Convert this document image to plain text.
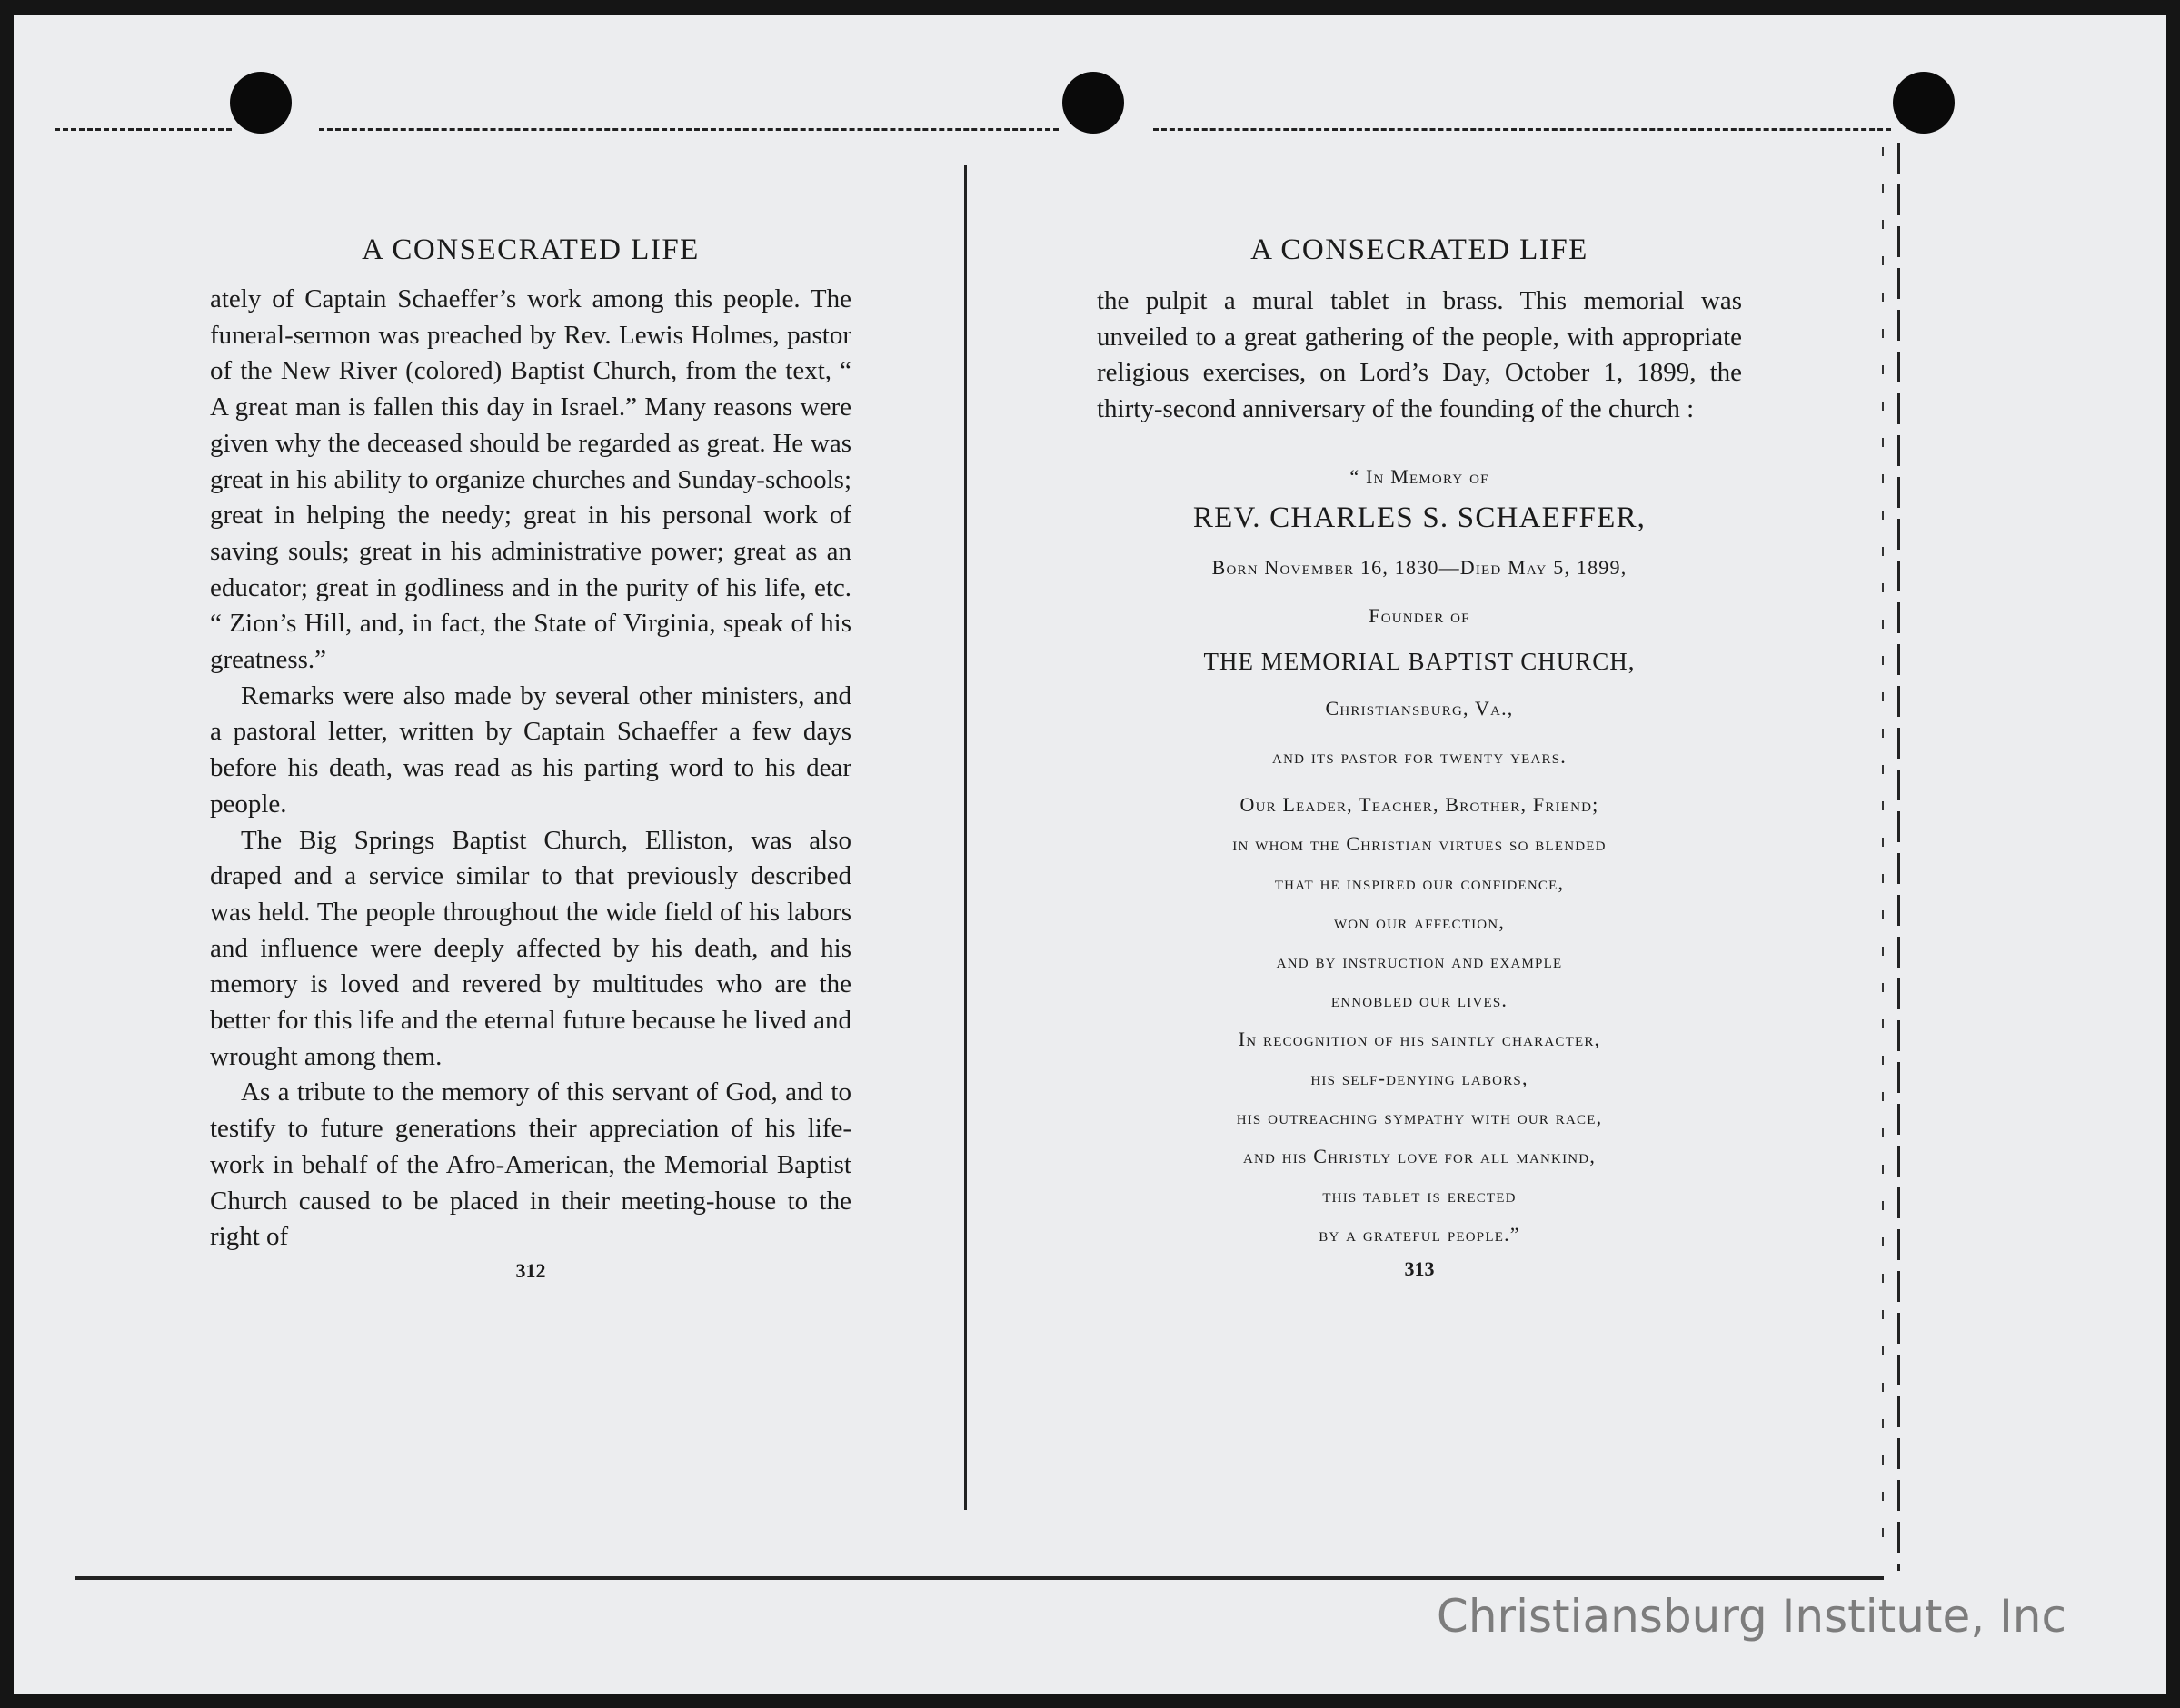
A CONSECRATED LIFE

ately of Captain Schaeffer’s work among this people. The funeral-sermon was preached by Rev. Lewis Holmes, pastor of the New River (colored) Baptist Church, from the text, “ A great man is fallen this day in Israel.” Many reasons were given why the deceased should be regarded as great. He was great in his ability to organize churches and Sunday-schools; great in helping the needy; great in his personal work of saving souls; great in his administrative power; great as an educator; great in godliness and in the purity of his life, etc. “ Zion’s Hill, and, in fact, the State of Virginia, speak of his greatness.”

Remarks were also made by several other ministers, and a pastoral letter, written by Captain Schaeffer a few days before his death, was read as his parting word to his dear people.

The Big Springs Baptist Church, Elliston, was also draped and a service similar to that previously described was held. The people throughout the wide field of his labors and influence were deeply affected by his death, and his memory is loved and revered by multitudes who are the better for this life and the eternal future because he lived and wrought among them.

As a tribute to the memory of this servant of God, and to testify to future generations their appreciation of his life-work in behalf of the Afro-American, the Memorial Baptist Church caused to be placed in their meeting-house to the right of

312
A CONSECRATED LIFE

the pulpit a mural tablet in brass. This memorial was unveiled to a great gathering of the people, with appropriate religious exercises, on Lord’s Day, October 1, 1899, the thirty-second anniversary of the founding of the church :

“ In Memory of
REV. CHARLES S. SCHAEFFER,
Born November 16, 1830—Died May 5, 1899,
Founder of
THE MEMORIAL BAPTIST CHURCH,
Christiansburg, Va.,
and its pastor for twenty years.
Our Leader, Teacher, Brother, Friend;
in whom the Christian virtues so blended
that he inspired our confidence,
won our affection,
and by instruction and example
ennobled our lives.
In recognition of his saintly character,
his self-denying labors,
his outreaching sympathy with our race,
and his Christly love for all mankind,
this tablet is erected
by a grateful people.”
313
Christiansburg Institute, Inc
